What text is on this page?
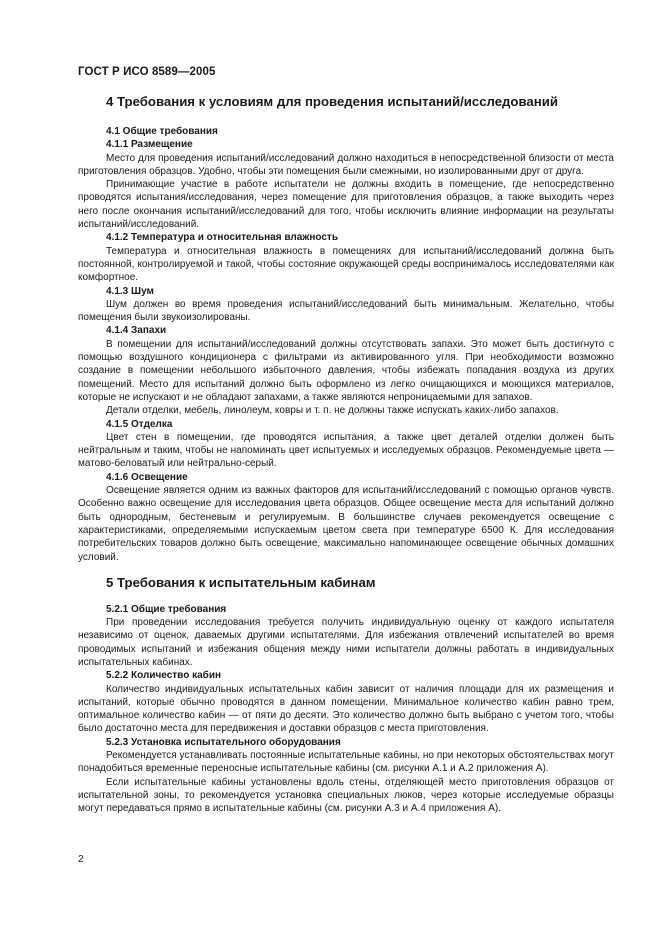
ГОСТ Р ИСО 8589—2005
4 Требования к условиям для проведения испытаний/исследований
4.1 Общие требования
4.1.1 Размещение

Место для проведения испытаний/исследований должно находиться в непосредственной близости от места приготовления образцов. Удобно, чтобы эти помещения были смежными, но изолированными друг от друга.

Принимающие участие в работе испытатели не должны входить в помещение, где непосредственно проводятся испытания/исследования, через помещение для приготовления образцов, а также выходить через него после окончания испытаний/исследований для того, чтобы исключить влияние информации на результаты испытаний/исследований.

4.1.2 Температура и относительная влажность

Температура и относительная влажность в помещениях для испытаний/исследований должна быть постоянной, контролируемой и такой, чтобы состояние окружающей среды воспринималось исследователями как комфортное.

4.1.3 Шум

Шум должен во время проведения испытаний/исследований быть минимальным. Желательно, чтобы помещения были звукоизолированы.

4.1.4 Запахи

В помещении для испытаний/исследований должны отсутствовать запахи. Это может быть достигнуто с помощью воздушного кондиционера с фильтрами из активированного угля. При необходимости возможно создание в помещении небольшого избыточного давления, чтобы избежать попадания воздуха из других помещений. Место для испытаний должно быть оформлено из легко очищающихся и моющихся материалов, которые не испускают и не обладают запахами, а также являются непроницаемыми для запахов.

Детали отделки, мебель, линолеум, ковры и т. п. не должны также испускать каких-либо запахов.

4.1.5 Отделка

Цвет стен в помещении, где проводятся испытания, а также цвет деталей отделки должен быть нейтральным и таким, чтобы не напоминать цвет испытуемых и исследуемых образцов. Рекомендуемые цвета — матово-беловатый или нейтрально-серый.

4.1.6 Освещение

Освещение является одним из важных факторов для испытаний/исследований с помощью органов чувств. Особенно важно освещение для исследования цвета образцов. Общее освещение места для испытаний должно быть однородным, бестеневым и регулируемым. В большинстве случаев рекомендуется освещение с характеристиками, определяемыми испускаемым цветом света при температуре 6500 К. Для исследования потребительских товаров должно быть освещение, максимально напоминающее освещение обычных домашних условий.

5 Требования к испытательным кабинам
5.2.1 Общие требования

При проведении исследования требуется получить индивидуальную оценку от каждого испытателя независимо от оценок, даваемых другими испытателями. Для избежания отвлечений испытателей во время проводимых испытаний и избежания общения между ними испытатели должны работать в индивидуальных испытательных кабинах.

5.2.2 Количество кабин

Количество индивидуальных испытательных кабин зависит от наличия площади для их размещения и испытаний, которые обычно проводятся в данном помещении. Минимальное количество кабин равно трем, оптимальное количество кабин — от пяти до десяти. Это количество должно быть выбрано с учетом того, чтобы было достаточно места для передвижения и доставки образцов с места приготовления.

5.2.3 Установка испытательного оборудования

Рекомендуется устанавливать постоянные испытательные кабины, но при некоторых обстоятельствах могут понадобиться временные переносные испытательные кабины (см. рисунки А.1 и А.2 приложения А).

Если испытательные кабины установлены вдоль стены, отделяющей место приготовления образцов от испытательной зоны, то рекомендуется установка специальных люков, через которые исследуемые образцы могут передаваться прямо в испытательные кабины (см. рисунки А.3 и А.4 приложения А).

2
